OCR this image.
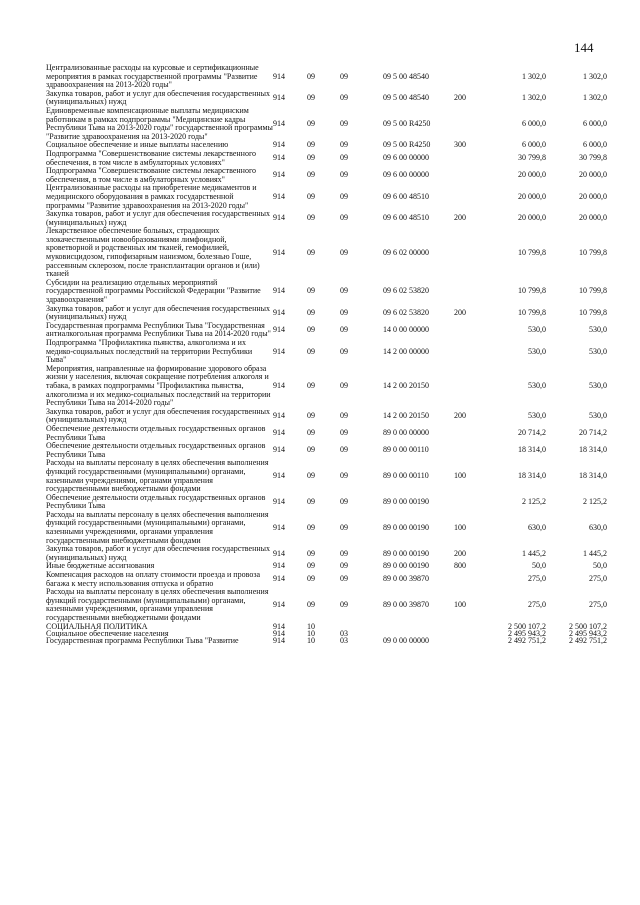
144
Централизованные расходы на курсовые и сертификационные мероприятия в рамках государственной программы "Развитие здравоохранения на 2013-2020 годы"	914	09	09	09 5 00 48540		1 302,0	1 302,0
Закупка товаров, работ и услуг для обеспечения государственных (муниципальных) нужд	914	09	09	09 5 00 48540	200	1 302,0	1 302,0
Единовременные компенсационные выплаты медицинским работникам в рамках подпрограммы "Медицинские кадры Республики Тыва на 2013-2020 годы" государственной программы "Развитие здравоохранения на 2013-2020 годы"	914	09	09	09 5 00 R4250		6 000,0	6 000,0
Социальное обеспечение и иные выплаты населению	914	09	09	09 5 00 R4250	300	6 000,0	6 000,0
Подпрограмма "Совершенствование системы лекарственного обеспечения, в том числе в амбулаторных условиях"	914	09	09	09 6 00 00000		30 799,8	30 799,8
Подпрограмма "Совершенствование системы лекарственного обеспечения, в том числе в амбулаторных условиях"	914	09	09	09 6 00 00000		20 000,0	20 000,0
Централизованные расходы на приобретение медикаментов и медицинского оборудования в рамках государственной программы "Развитие здравоохранения на 2013-2020 годы"	914	09	09	09 6 00 48510		20 000,0	20 000,0
Закупка товаров, работ и услуг для обеспечения государственных (муниципальных) нужд	914	09	09	09 6 00 48510	200	20 000,0	20 000,0
Лекарственное обеспечение больных, страдающих злокачественными новообразованиями лимфоидной, кроветворной и родственных им тканей, гемофилией, муковисцидозом, гипофизарным нанизмом, болезнью Гоше, рассеянным склерозом, после трансплантации органов и (или) тканей	914	09	09	09 6 02 00000		10 799,8	10 799,8
Субсидии на реализацию отдельных мероприятий государственной программы Российской Федерации "Развитие здравоохранения"	914	09	09	09 6 02 53820		10 799,8	10 799,8
Закупка товаров, работ и услуг для обеспечения государственных (муниципальных) нужд	914	09	09	09 6 02 53820	200	10 799,8	10 799,8
Государственная программа Республики Тыва "Государственная антиалкогольная программа Республики Тыва на 2014-2020 годы"	914	09	09	14 0 00 00000		530,0	530,0
Подпрограмма "Профилактика пьянства, алкоголизма и их медико-социальных последствий на территории Республики Тыва"	914	09	09	14 2 00 00000		530,0	530,0
Мероприятия, направленные на формирование здорового образа жизни у населения, включая сокращение потребления алкоголя и табака, в рамках подпрограммы "Профилактика пьянства, алкоголизма и их медико-социальных последствий на территории Республики Тыва на 2014-2020 годы"	914	09	09	14 2 00 20150		530,0	530,0
Закупка товаров, работ и услуг для обеспечения государственных (муниципальных) нужд	914	09	09	14 2 00 20150	200	530,0	530,0
Обеспечение деятельности отдельных государственных органов Республики Тыва	914	09	09	89 0 00 00000		20 714,2	20 714,2
Обеспечение деятельности отдельных государственных органов Республики Тыва	914	09	09	89 0 00 00110		18 314,0	18 314,0
Расходы на выплаты персоналу в целях обеспечения выполнения функций государственными (муниципальными) органами, казенными учреждениями, органами управления государственными внебюджетными фондами	914	09	09	89 0 00 00110	100	18 314,0	18 314,0
Обеспечение деятельности отдельных государственных органов Республики Тыва	914	09	09	89 0 00 00190		2 125,2	2 125,2
Расходы на выплаты персоналу в целях обеспечения выполнения функций государственными (муниципальными) органами, казенными учреждениями, органами управления государственными внебюджетными фондами	914	09	09	89 0 00 00190	100	630,0	630,0
Закупка товаров, работ и услуг для обеспечения государственных (муниципальных) нужд	914	09	09	89 0 00 00190	200	1 445,2	1 445,2
Иные бюджетные ассигнования	914	09	09	89 0 00 00190	800	50,0	50,0
Компенсация расходов на оплату стоимости проезда и провоза багажа к месту использования отпуска и обратно	914	09	09	89 0 00 39870		275,0	275,0
Расходы на выплаты персоналу в целях обеспечения выполнения функций государственными (муниципальными) органами, казенными учреждениями, органами управления государственными внебюджетными фондами	914	09	09	89 0 00 39870	100	275,0	275,0
СОЦИАЛЬНАЯ ПОЛИТИКА	914	10				2 500 107,2	2 500 107,2
Социальное обеспечение населения	914	10	03			2 495 943,2	2 495 943,2
Государственная программа Республики Тыва "Развитие	914	10	03	09 0 00 00000		2 492 751,2	2 492 751,2
